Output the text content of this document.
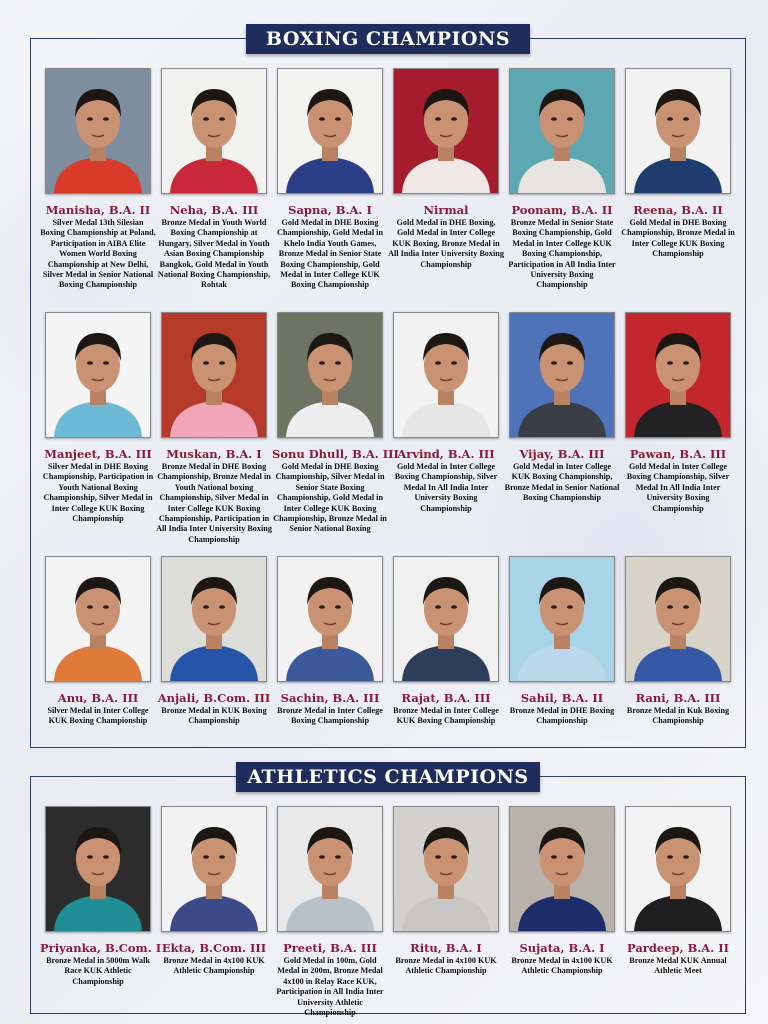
BOXING CHAMPIONS
Manisha, B.A. II
Silver Medal 13th Silesian Boxing Championship at Poland, Participation in AIBA Elite Women World Boxing Championship at New Delhi, Silver Medal in Senior National Boxing Championship
Neha, B.A. III
Bronze Medal in Youth World Boxing Championship at Hungary, Silver Medal in Youth Asian Boxing Championship Bangkok, Gold Medal in Youth National Boxing Championship, Rohtak
Sapna, B.A. I
Gold Medal in DHE Boxing Championship, Gold Medal in Khelo India Youth Games, Bronze Medal in Senior State Boxing Championship, Gold Medal in Inter College KUK Boxing Championship
Nirmal
Gold Medal in DHE Boxing, Gold Medal in Inter College KUK Boxing, Bronze Medal in All India Inter University Boxing Championship
Poonam, B.A. II
Bronze Medal in Senior State Boxing Championship, Gold Medal in Inter College KUK Boxing Championship, Participation in All India Inter University Boxing Championship
Reena, B.A. II
Gold Medal in DHE Boxing Championship, Bronze Medal in Inter College KUK Boxing Championship
Manjeet, B.A. III
Silver Medal in DHE Boxing Championship, Participation in Youth National Boxing Championship, Silver Medal in Inter College KUK Boxing Championship
Muskan, B.A. I
Bronze Medal in DHE Boxing Championship, Bronze Medal in Youth National boxing Championship, Silver Medal in Inter College KUK Boxing Championship, Participation in All India Inter University Boxing Championship
Sonu Dhull, B.A. III
Gold Medal in DHE Boxing Championship, Silver Medal in Senior State Boxing Championship, Gold Medal in Inter College KUK Boxing Championship, Bronze Medal in Senior National Boxing
Arvind, B.A. III
Gold Medal in Inter College Boxing Championship, Silver Medal In All India Inter University Boxing Championship
Vijay, B.A. III
Gold Medal in Inter College KUK Boxing Championship, Bronze Medal in Senior National Boxing Championship
Pawan, B.A. III
Gold Medal in Inter College Boxing Championship, Silver Medal In All India Inter University Boxing Championship
Anu, B.A. III
Silver Medal in Inter College KUK Boxing Championship
Anjali, B.Com. III
Bronze Medal in KUK Boxing Championship
Sachin, B.A. III
Bronze Medal in Inter College Boxing Championship
Rajat, B.A. III
Bronze Medal in Inter College KUK Boxing Championship
Sahil, B.A. II
Bronze Medal in DHE Boxing Championship
Rani, B.A. III
Bronze Medal in Kuk Boxing Championship
ATHLETICS CHAMPIONS
Priyanka, B.Com. I
Bronze Medal in 5000m Walk Race KUK Athletic Championship
Ekta, B.Com. III
Bronze Medal in 4x100 KUK Athletic Championship
Preeti, B.A. III
Gold Medal in 100m, Gold Medal in 200m, Bronze Medal 4x100 in Relay Race KUK, Participation in All India Inter University Athletic Championship
Ritu, B.A. I
Bronze Medal in 4x100 KUK Athletic Championship
Sujata, B.A. I
Bronze Medal in 4x100 KUK Athletic Championship
Pardeep, B.A. II
Bronze Medal KUK Annual Athletic Meet
